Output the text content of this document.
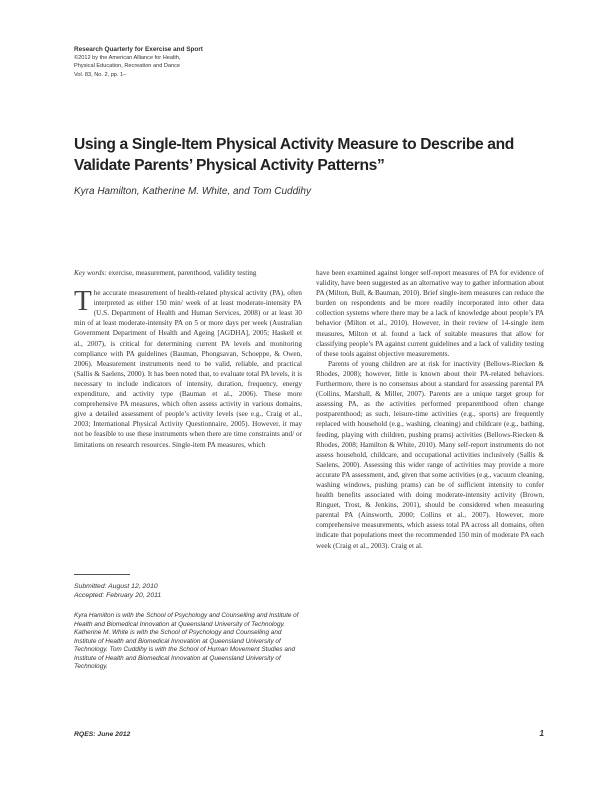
Research Quarterly for Exercise and Sport
©2012 by the American Alliance for Health,
Physical Education, Recreation and Dance
Vol. 83, No. 2, pp. 1–
Using a Single-Item Physical Activity Measure to Describe and Validate Parents’ Physical Activity Patterns”

Kyra Hamilton, Katherine M. White, and Tom Cuddihy

Key words: exercise, measurement, parenthood, validity testing

The accurate measurement of health-related physical activity (PA), often interpreted as either 150 min/ week of at least moderate-intensity PA (U.S. Department of Health and Human Services, 2008) or at least 30 min of at least moderate-intensity PA on 5 or more days per week (Australian Government Department of Health and Ageing [AGDHA], 2005; Haskell et al., 2007), is critical for determining current PA levels and monitoring compliance with PA guidelines (Bauman, Phongsavan, Schoeppe, & Owen, 2006). Measurement instruments need to be valid, reliable, and practical (Sallis & Saelens, 2000). It has been noted that, to evaluate total PA levels, it is necessary to include indicators of intensity, duration, frequency, energy expenditure, and activity type (Bauman et al., 2006). These more comprehensive PA measures, which often assess activity in various domains, give a detailed assessment of people’s activity levels (see e.g., Craig et al., 2003; International Physical Activity Questionnaire, 2005). However, it may not be feasible to use these instruments when there are time constraints and/ or limitations on research resources. Single-item PA measures, which

have been examined against longer self-report measures of PA for evidence of validity, have been suggested as an alternative way to gather information about PA (Milton, Bull, & Bauman, 2010). Brief single-item measures can reduce the burden on respondents and be more readily incorporated into other data collection systems where there may be a lack of knowledge about people’s PA behavior (Milton et al., 2010). However, in their review of 14-single item measures, Milton et al. found a lack of suitable measures that allow for classifying people’s PA against current guidelines and a lack of validity testing of these tools against objective measurements.

Parents of young children are at risk for inactivity (Bellows-Riecken & Rhodes, 2008); however, little is known about their PA-related behaviors. Furthermore, there is no consensus about a standard for assessing parental PA (Collins, Marshall, & Miller, 2007). Parents are a unique target group for assessing PA, as the activities performed preparenthood often change postparenthood; as such, leisure-time activities (e.g., sports) are frequently replaced with household (e.g., washing, cleaning) and childcare (e.g., bathing, feeding, playing with children, pushing prams) activities (Bellows-Riecken & Rhodes, 2008; Hamilton & White, 2010). Many self-report instruments do not assess household, childcare, and occupational activities inclusively (Sallis & Saelens, 2000). Assessing this wider range of activities may provide a more accurate PA assessment, and, given that some activities (e.g., vacuum cleaning, washing windows, pushing prams) can be of sufficient intensity to confer health benefits associated with doing moderate-intensity activity (Brown, Ringuet, Trost, & Jenkins, 2001), should be considered when measuring parental PA (Ainsworth, 2000; Collins et al., 2007). However, more comprehensive measurements, which assess total PA across all domains, often indicate that populations meet the recommended 150 min of moderate PA each week (Craig et al., 2003). Craig et al.

Submitted: August 12, 2010
Accepted: February 20, 2011

Kyra Hamilton is with the School of Psychology and Counselling and Institute of Health and Biomedical Innovation at Queensland University of Technology. Katherine M. White is with the School of Psychology and Counselling and Institute of Health and Biomedical Innovation at Queensland University of Technology. Tom Cuddihy is with the School of Human Movement Studies and Institute of Health and Biomedical Innovation at Queensland University of Technology.

RQES: June 2012	1
